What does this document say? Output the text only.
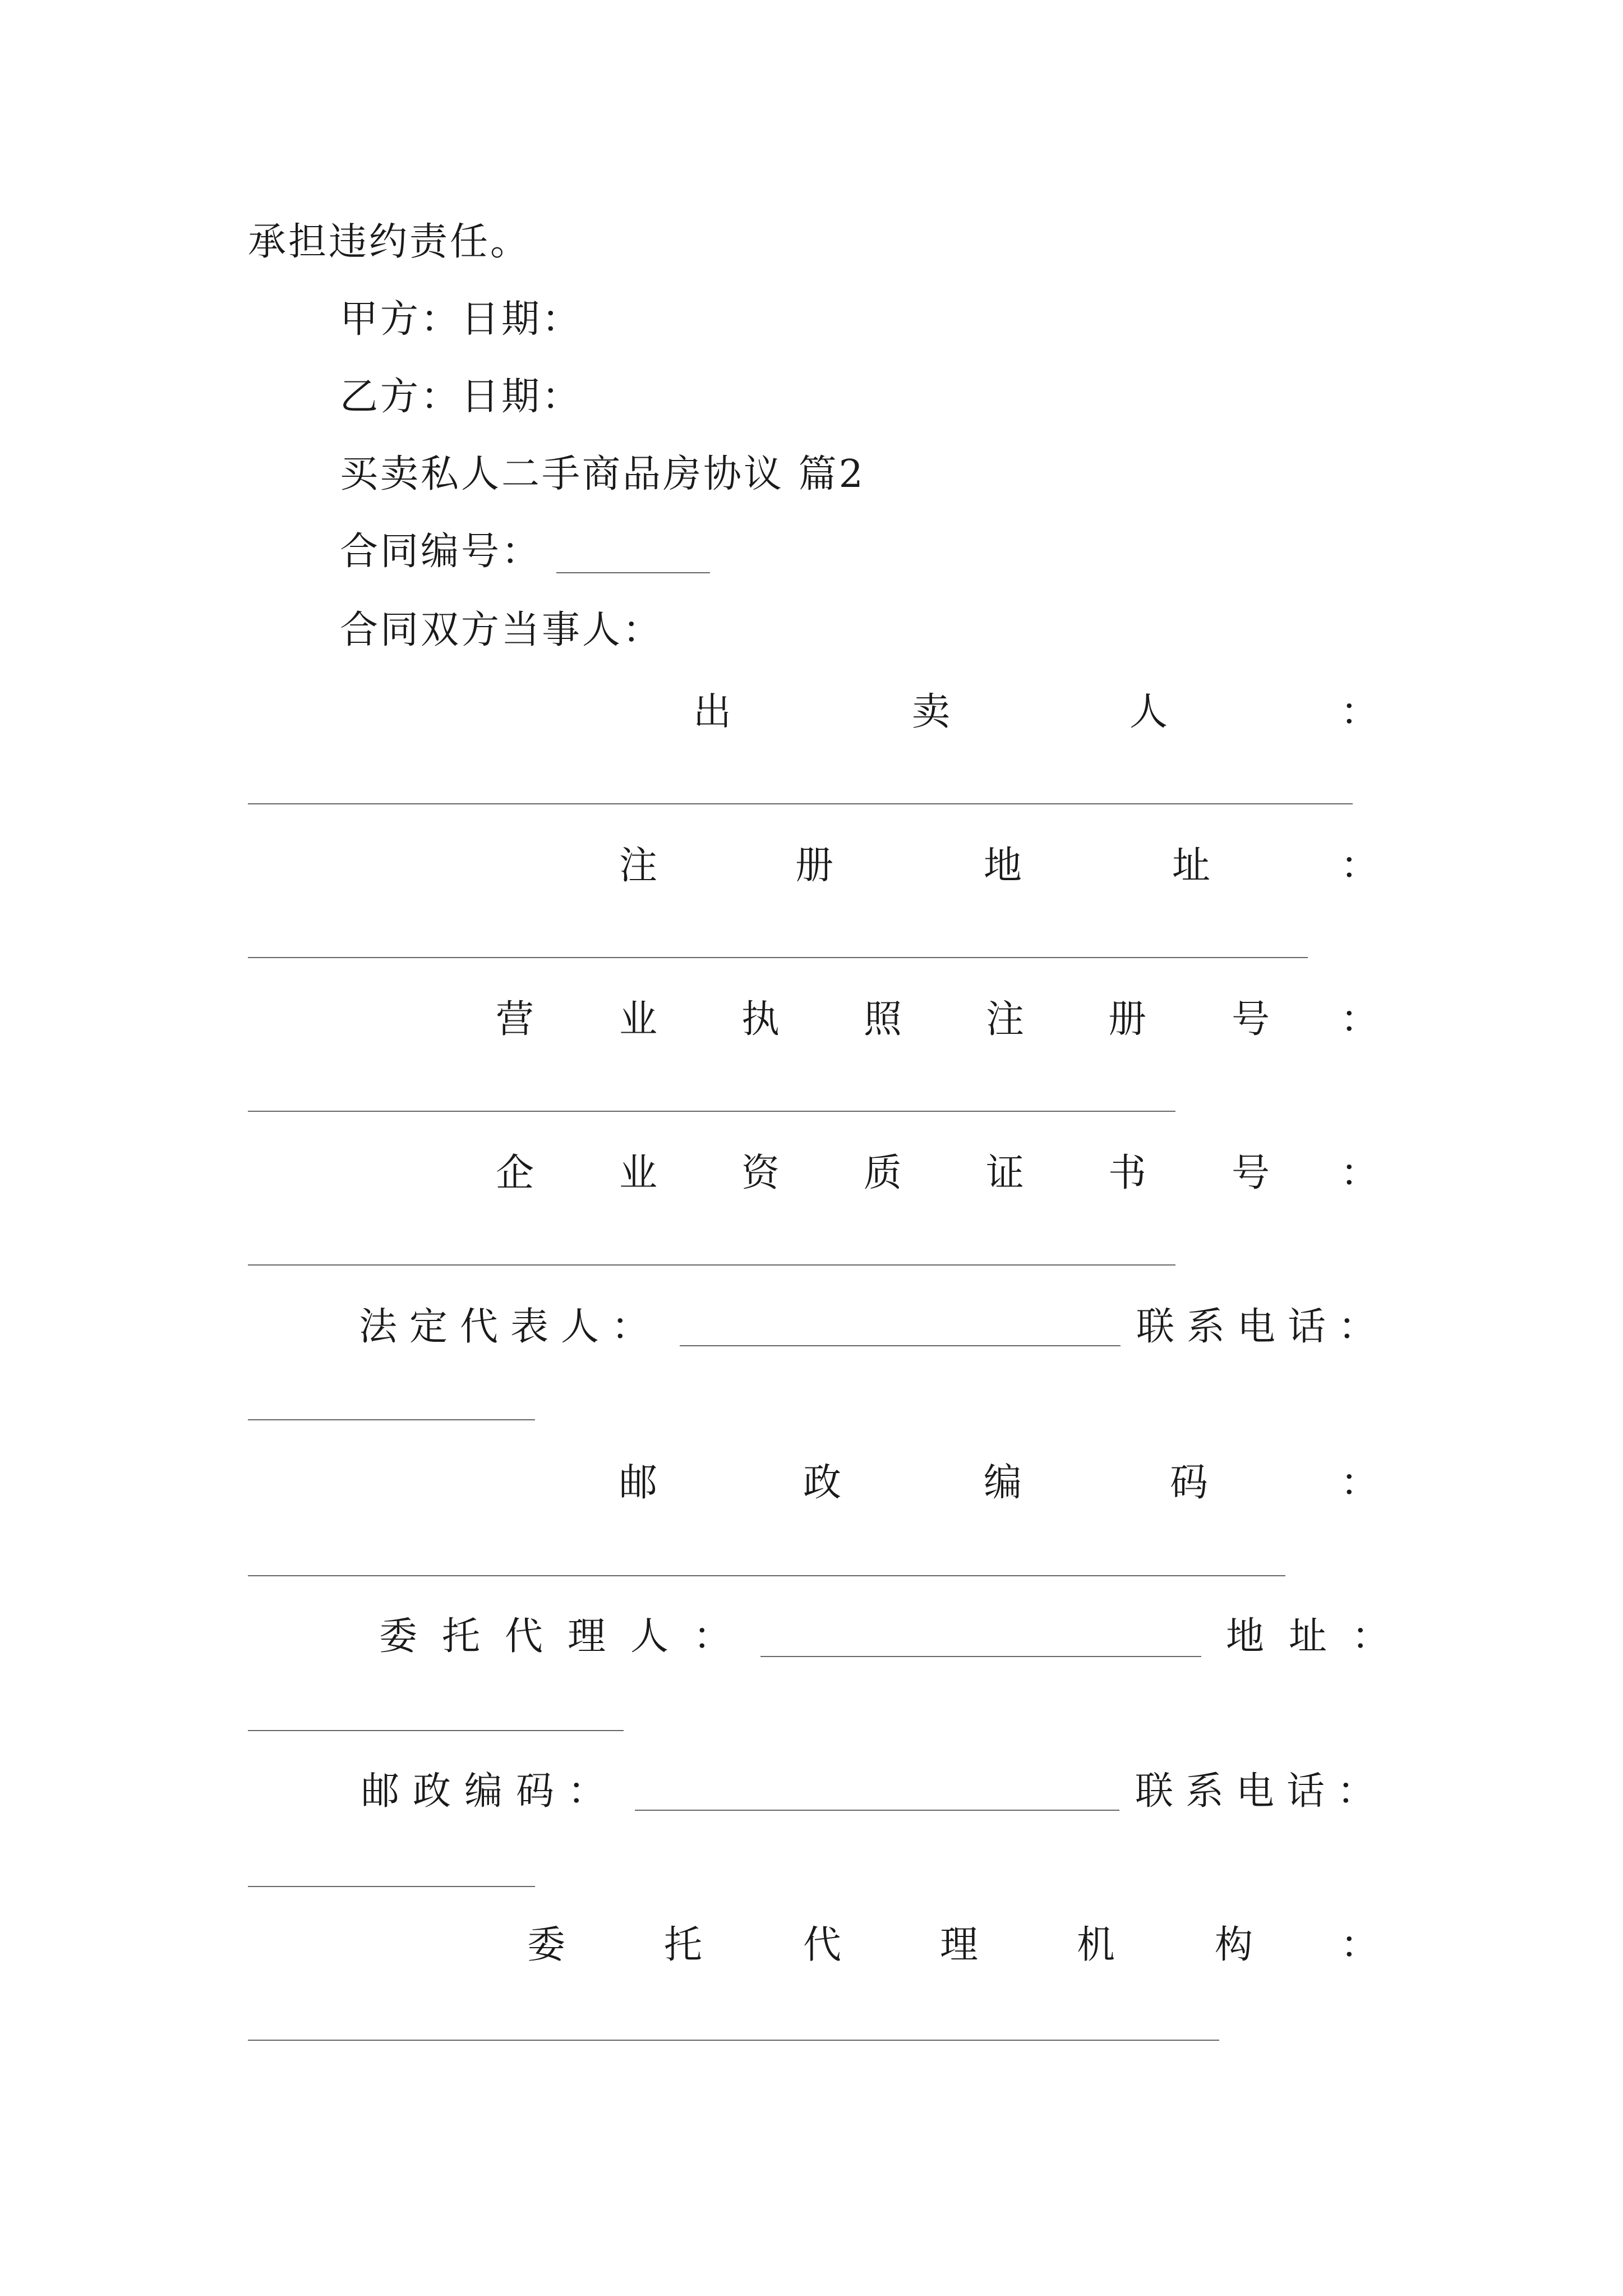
承担违约责任。
甲方：日期：
乙方：日期：
买卖私人二手商品房协议 篇2
合同编号：
合同双方当事人：
出	卖	人	：
注	册	地	址	：
营 业 执 照 注 册 号 ：
企 业 资 质 证 书 号 ：
法定代表人：	联系电话：
邮	政	编	码	：
委托代理人：	地址：
邮政编码：	联系电话：
委	托	代	理	机	构 ：
